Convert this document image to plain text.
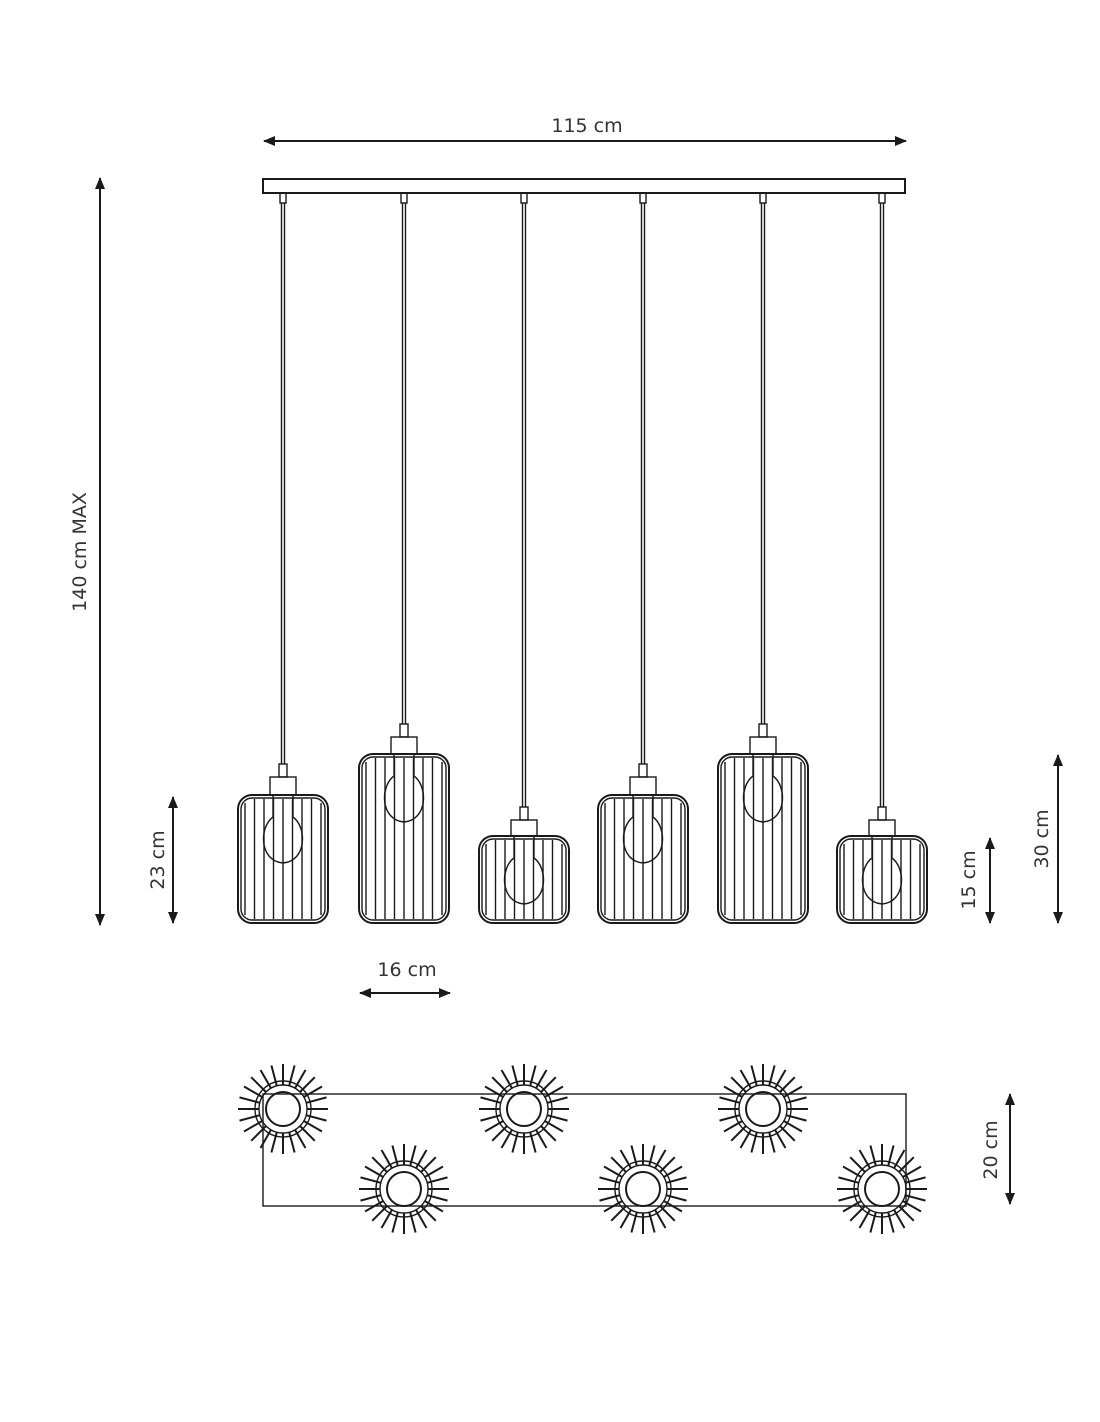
115 cm
140 cm MAX
23 cm
16 cm
15 cm
30 cm
20 cm
